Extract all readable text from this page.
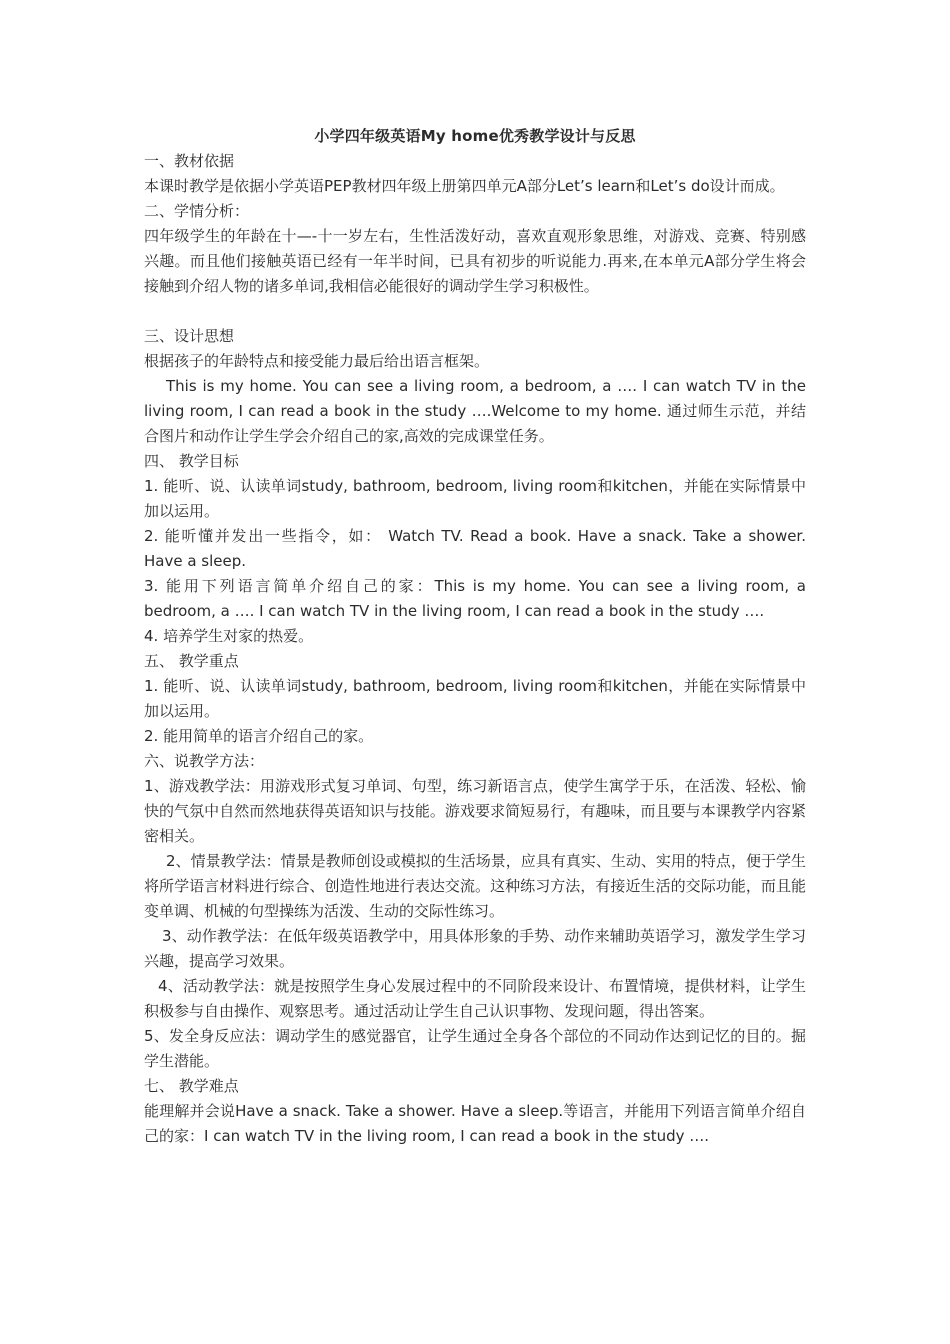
小学四年级英语My home优秀教学设计与反思

一、教材依据

本课时教学是依据小学英语PEP教材四年级上册第四单元A部分Let’s learn和Let’s do设计而成。

二、学情分析：

四年级学生的年龄在十—-十一岁左右，生性活泼好动，喜欢直观形象思维，对游戏、竞赛、特别感兴趣。而且他们接触英语已经有一年半时间，已具有初步的听说能力.再来,在本单元A部分学生将会接触到介绍人物的诸多单词,我相信必能很好的调动学生学习积极性。

三、设计思想

根据孩子的年龄特点和接受能力最后给出语言框架。

This is my home. You can see a living room, a bedroom, a …. I can watch TV in the living room, I can read a book in the study ….Welcome to my home. 通过师生示范，并结合图片和动作让学生学会介绍自己的家,高效的完成课堂任务。

四、 教学目标

1. 能听、说、认读单词study, bathroom, bedroom, living room和kitchen，并能在实际情景中加以运用。

2. 能听懂并发出一些指令，如： Watch TV. Read a book. Have a snack. Take a shower. Have a sleep.

3. 能用下列语言简单介绍自己的家：This is my home. You can see a living room, a bedroom, a …. I can watch TV in the living room, I can read a book in the study ….

4. 培养学生对家的热爱。

五、 教学重点

1. 能听、说、认读单词study, bathroom, bedroom, living room和kitchen，并能在实际情景中加以运用。

2. 能用简单的语言介绍自己的家。

六、说教学方法：

1、游戏教学法：用游戏形式复习单词、句型，练习新语言点，使学生寓学于乐，在活泼、轻松、愉快的气氛中自然而然地获得英语知识与技能。游戏要求简短易行，有趣味，而且要与本课教学内容紧密相关。

2、情景教学法：情景是教师创设或模拟的生活场景，应具有真实、生动、实用的特点，便于学生将所学语言材料进行综合、创造性地进行表达交流。这种练习方法，有接近生活的交际功能，而且能变单调、机械的句型操练为活泼、生动的交际性练习。

3、动作教学法：在低年级英语教学中，用具体形象的手势、动作来辅助英语学习，激发学生学习兴趣，提高学习效果。

4、活动教学法：就是按照学生身心发展过程中的不同阶段来设计、布置情境，提供材料，让学生积极参与自由操作、观察思考。通过活动让学生自己认识事物、发现问题，得出答案。

5、发全身反应法：调动学生的感觉器官，让学生通过全身各个部位的不同动作达到记忆的目的。掘学生潜能。

七、 教学难点

能理解并会说Have a snack. Take a shower. Have a sleep.等语言，并能用下列语言简单介绍自己的家：I can watch TV in the living room, I can read a book in the study ….
